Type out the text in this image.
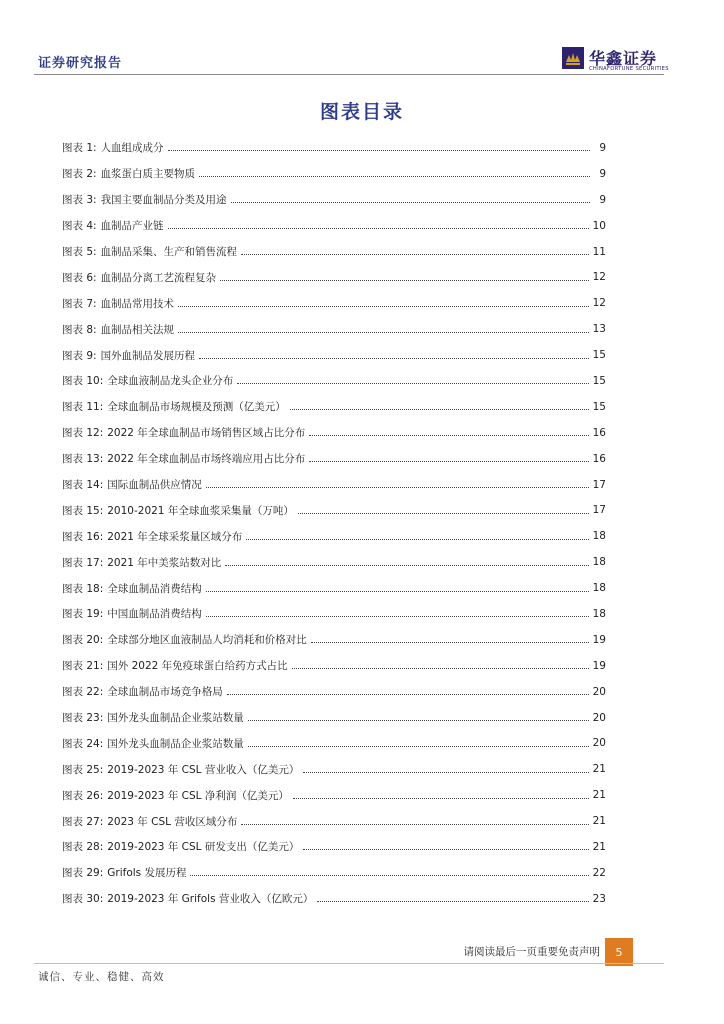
证券研究报告	华鑫证券
CHINAFORTUNE SECURITIES
图表目录
图表 1: 人血组成成分	9
图表 2: 血浆蛋白质主要物质	9
图表 3: 我国主要血制品分类及用途	9
图表 4: 血制品产业链	10
图表 5: 血制品采集、生产和销售流程	11
图表 6: 血制品分离工艺流程复杂	12
图表 7: 血制品常用技术	12
图表 8: 血制品相关法规	13
图表 9: 国外血制品发展历程	15
图表 10: 全球血液制品龙头企业分布	15
图表 11: 全球血制品市场规模及预测（亿美元）	15
图表 12: 2022 年全球血制品市场销售区域占比分布	16
图表 13: 2022 年全球血制品市场终端应用占比分布	16
图表 14: 国际血制品供应情况	17
图表 15: 2010-2021 年全球血浆采集量（万吨）	17
图表 16: 2021 年全球采浆量区域分布	18
图表 17: 2021 年中美浆站数对比	18
图表 18: 全球血制品消费结构	18
图表 19: 中国血制品消费结构	18
图表 20: 全球部分地区血液制品人均消耗和价格对比	19
图表 21: 国外 2022 年免疫球蛋白给药方式占比	19
图表 22: 全球血制品市场竞争格局	20
图表 23: 国外龙头血制品企业浆站数量	20
图表 24: 国外龙头血制品企业浆站数量	20
图表 25: 2019-2023 年 CSL 营业收入（亿美元）	21
图表 26: 2019-2023 年 CSL 净利润（亿美元）	21
图表 27: 2023 年 CSL 营收区域分布	21
图表 28: 2019-2023 年 CSL 研发支出（亿美元）	21
图表 29: Grifols 发展历程	22
图表 30: 2019-2023 年 Grifols 营业收入（亿欧元）	23
请阅读最后一页重要免责声明	5
诚信、专业、稳健、高效
